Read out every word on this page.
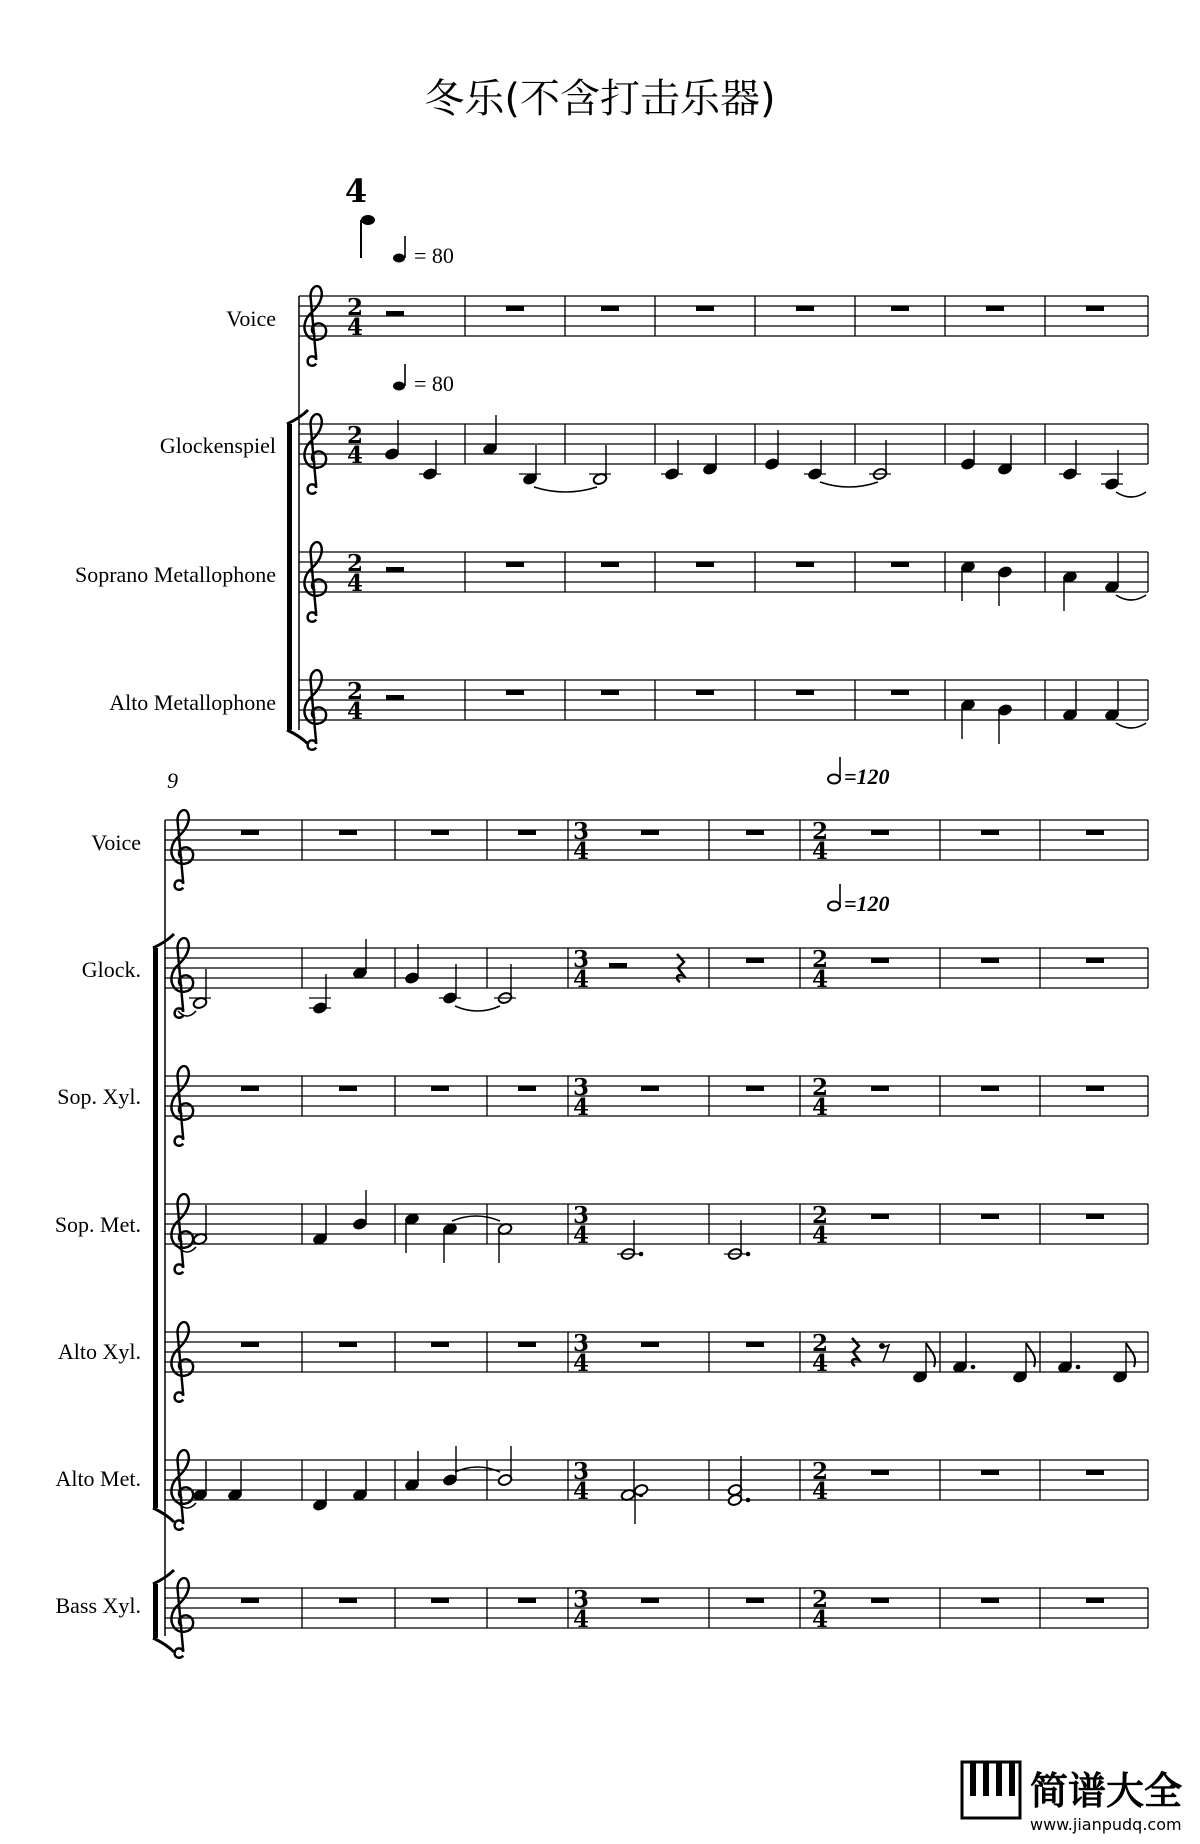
冬乐(不含打击乐器)
4
= 80
= 80
Voice
Glockenspiel
Soprano Metallophone
Alto Metallophone
2
4
2
4
2
4
2
4
9	=120
=120
Voice
Glock.
Sop. Xyl.
Sop. Met.
Alto Xyl.
Alto Met.
Bass Xyl.
3
4
2
4
3
4
2
4
3
4
2
4
3
4
2
4
3
4
2
4
3
4
2
4
3
4
2
4
简谱大全
www.jianpudq.com
